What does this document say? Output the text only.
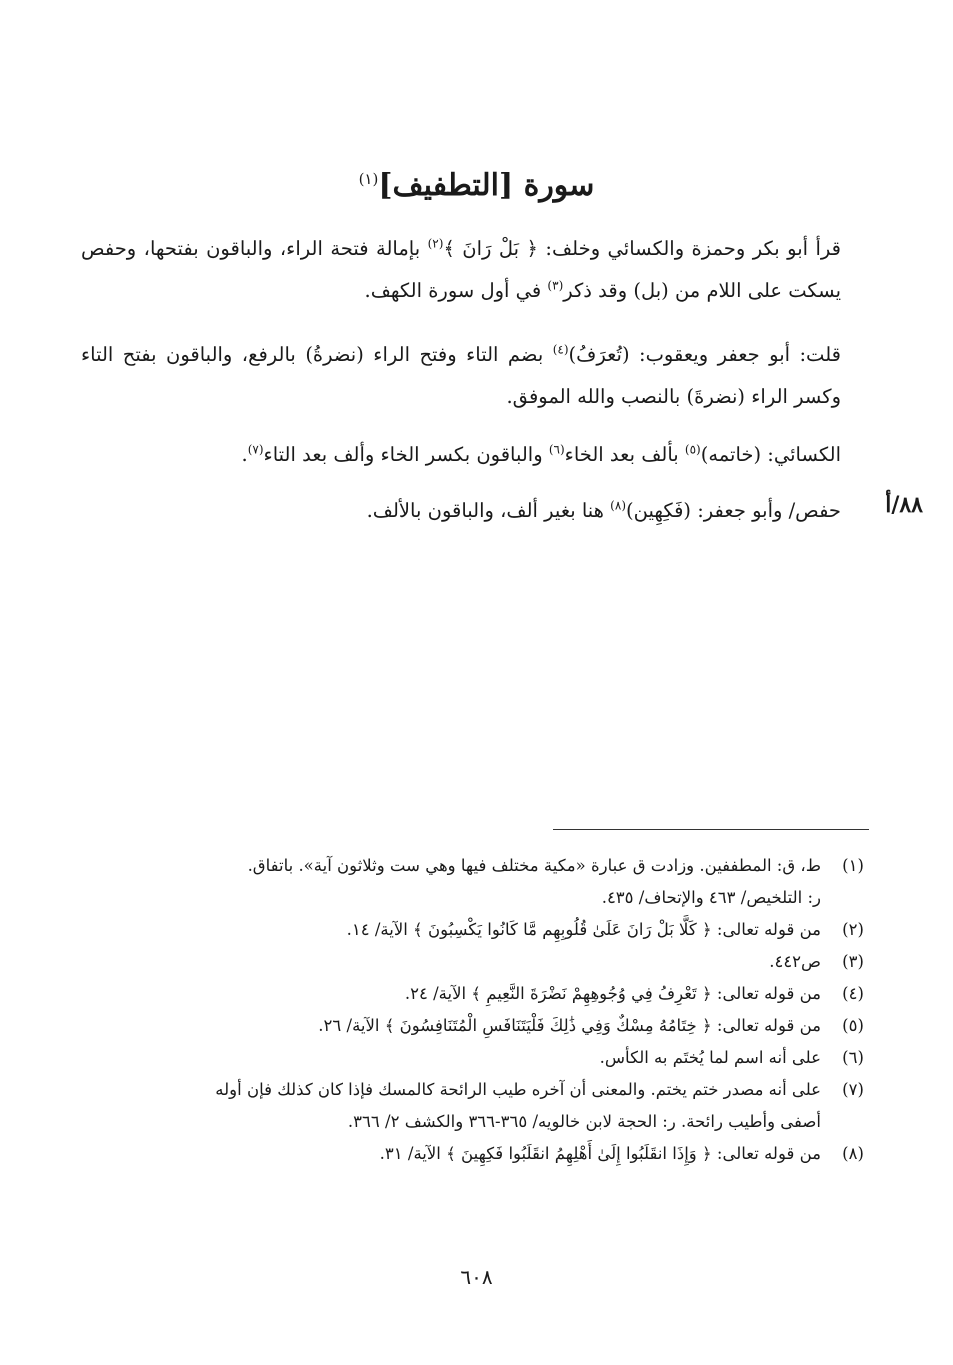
سورة [التطفيف]$^{(١)}$
قرأ أبو بكر وحمزة والكسائي وخلف: ﴿ بَلْ رَانَ ﴾$^{(٢)}$ بإمالة فتحة الراء، والباقون بفتحها، وحفص يسكت على اللام من (بل) وقد ذكر$^{(٣)}$ في أول سورة الكهف.
قلت: أبو جعفر ويعقوب: (تُعرَفُ)$^{(٤)}$ بضم التاء وفتح الراء (نضرةُ) بالرفع، والباقون بفتح التاء وكسر الراء (نضرةَ) بالنصب والله الموفق.
الكسائي: (خاتمه)$^{(٥)}$ بألف بعد الخاء$^{(٦)}$ والباقون بكسر الخاء وألف بعد التاء$^{(٧)}$.
حفص/ وأبو جعفر: (فَكِهِين)$^{(٨)}$ هنا بغير ألف، والباقون بالألف.	٨٨/أ
(١)
ط، ق: المطففين. وزادت ق عبارة «مكية مختلف فيها وهي ست وثلاثون آية». باتفاق.
ر: التلخيص/ ٤٦٣ والإتحاف/ ٤٣٥.
(٢)
من قوله تعالى: ﴿ كَلَّا بَلْ رَانَ عَلَىٰ قُلُوبِهِم مَّا كَانُوا يَكْسِبُونَ ﴾ الآية/ ١٤.
(٣)
ص٤٤٢.
(٤)
من قوله تعالى: ﴿ تَعْرِفُ فِي وُجُوهِهِمْ نَضْرَةَ النَّعِيمِ ﴾ الآية/ ٢٤.
(٥)
من قوله تعالى: ﴿ خِتَامُهُ مِسْكٌ وَفِي ذَٰلِكَ فَلْيَتَنَافَسِ الْمُتَنَافِسُونَ ﴾ الآية/ ٢٦.
(٦)
على أنه اسم لما يُختَم به الكأس.
(٧)
على أنه مصدر ختم يختم. والمعنى أن آخره طيب الرائحة كالمسك فإذا كان كذلك فإن أوله
أصفى وأطيب رائحة. ر: الحجة لابن خالويه/ ٣٦٥-٣٦٦ والكشف ٢/ ٣٦٦.
(٨)
من قوله تعالى: ﴿ وَإِذَا انقَلَبُوا إِلَىٰ أَهْلِهِمُ انقَلَبُوا فَكِهِينَ ﴾ الآية/ ٣١.
٦٠٨
